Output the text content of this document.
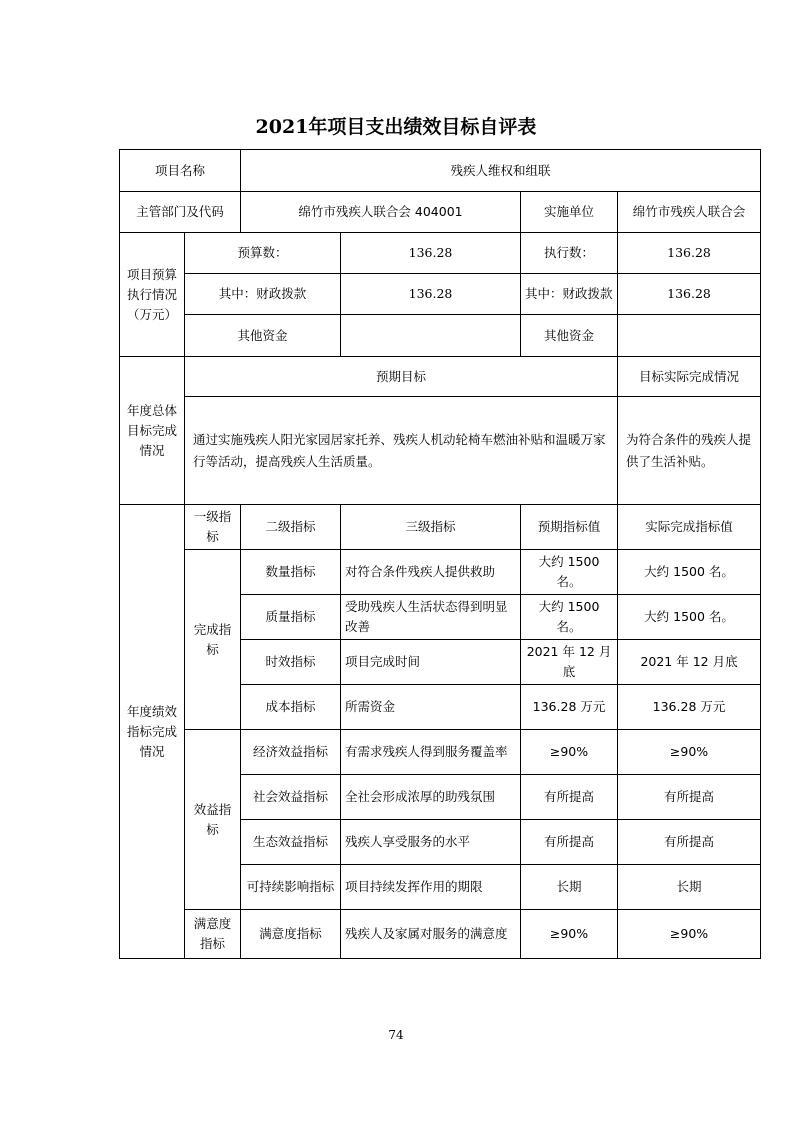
2021年项目支出绩效目标自评表
项目名称		残疾人维权和组联			
主管部门及代码		绵竹市残疾人联合会 404001		实施单位	绵竹市残疾人联合会
项目预算执行情况（万元）	预算数：		136.28	执行数：	136.28
	其中：财政拨款		136.28	其中：财政拨款	136.28
	其他资金			其他资金	
年度总体目标完成情况	预期目标				目标实际完成情况
	通过实施残疾人阳光家园居家托养、残疾人机动轮椅车燃油补贴和温暖万家行等活动，提高残疾人生活质量。				为符合条件的残疾人提供了生活补贴。
年度绩效指标完成情况	一级指标	二级指标	三级指标	预期指标值	实际完成指标值
	完成指标	数量指标	对符合条件残疾人提供救助	大约 1500 名。	大约 1500 名。
		质量指标	受助残疾人生活状态得到明显改善	大约 1500 名。	大约 1500 名。
		时效指标	项目完成时间	2021 年 12 月底	2021 年 12 月底
		成本指标	所需资金	136.28 万元	136.28 万元
	效益指标	经济效益指标	有需求残疾人得到服务覆盖率	≥90%	≥90%
		社会效益指标	全社会形成浓厚的助残氛围	有所提高	有所提高
		生态效益指标	残疾人享受服务的水平	有所提高	有所提高
		可持续影响指标	项目持续发挥作用的期限	长期	长期
	满意度指标	满意度指标	残疾人及家属对服务的满意度	≥90%	≥90%
74
